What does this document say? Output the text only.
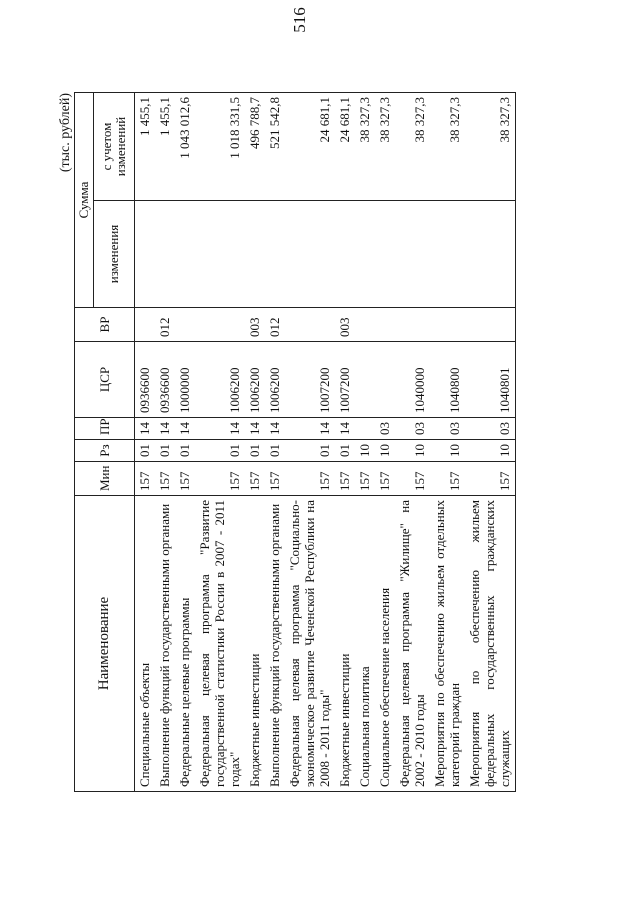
516
(тыс. рублей)
Наименование	Мин	Рз	ПР	ЦСР	ВР	Сумма	
						изменения	с учетом изменений
Специальные объекты	157	01	14	0936600			1 455,1
Выполнение функций государственными органами	157	01	14	0936600	012		1 455,1
Федеральные целевые программы	157	01	14	1000000			1 043 012,6
Федеральная целевая программа "Развитие государственной статистики России в 2007 - 2011 годах"	157	01	14	1006200			1 018 331,5
Бюджетные инвестиции	157	01	14	1006200	003		496 788,7
Выполнение функций государственными органами	157	01	14	1006200	012		521 542,8
Федеральная целевая программа "Социально-экономическое развитие Чеченской Республики на 2008 - 2011 годы"	157	01	14	1007200			24 681,1
Бюджетные инвестиции	157	01	14	1007200	003		24 681,1
Социальная политика	157	10					38 327,3
Социальное обеспечение населения	157	10	03				38 327,3
Федеральная целевая программа "Жилище" на 2002 - 2010 годы	157	10	03	1040000			38 327,3
Мероприятия по обеспечению жильем отдельных категорий граждан	157	10	03	1040800			38 327,3
Мероприятия по обеспечению жильем федеральных государственных гражданских служащих	157	10	03	1040801			38 327,3
